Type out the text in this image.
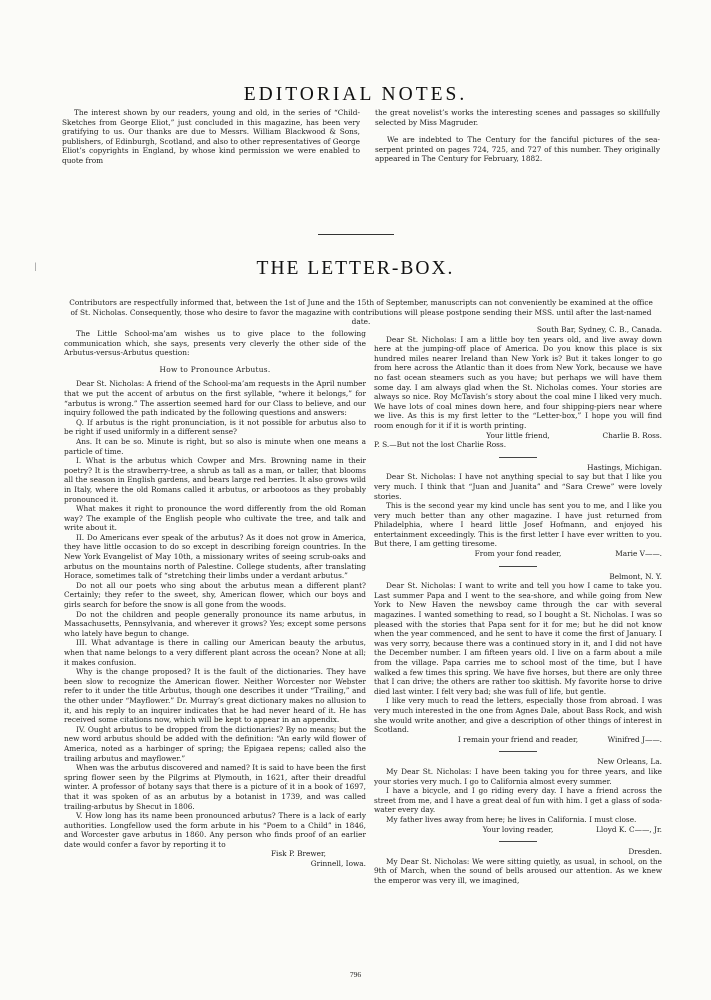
EDITORIAL NOTES.

The interest shown by our readers, young and old, in the series of “Child-Sketches from George Eliot,” just concluded in this magazine, has been very gratifying to us. Our thanks are due to Messrs. William Blackwood & Sons, publishers, of Edinburgh, Scotland, and also to other representatives of George Eliot’s copyrights in England, by whose kind permission we were enabled to quote from

the great novelist’s works the interesting scenes and passages so skillfully selected by Miss Magruder.

We are indebted to The Century for the fanciful pictures of the sea-serpent printed on pages 724, 725, and 727 of this number. They originally appeared in The Century for February, 1882.

THE LETTER-BOX.
Contributors are respectfully informed that, between the 1st of June and the 15th of September, manuscripts can not conveniently be examined at the office of St. Nicholas. Consequently, those who desire to favor the magazine with contributions will please postpone sending their MSS. until after the last-named date.

The Little School-ma’am wishes us to give place to the following communication which, she says, presents very cleverly the other side of the Arbutus-versus-Arbutus question:

How to Pronounce Arbutus.

Dear St. Nicholas: A friend of the School-ma’am requests in the April number that we put the accent of arbutus on the first syllable, “where it belongs,” for “arbutus is wrong.” The assertion seemed hard for our Class to believe, and our inquiry followed the path indicated by the following questions and answers:

Q. If arbutus is the right pronunciation, is it not possible for arbutus also to be right if used uniformly in a different sense?

Ans. It can be so. Minute is right, but so also is minute when one means a particle of time.

I. What is the arbutus which Cowper and Mrs. Browning name in their poetry? It is the strawberry-tree, a shrub as tall as a man, or taller, that blooms all the season in English gardens, and bears large red berries. It also grows wild in Italy, where the old Romans called it arbutus, or arbootoos as they probably pronounced it.

What makes it right to pronounce the word differently from the old Roman way? The example of the English people who cultivate the tree, and talk and write about it.

II. Do Americans ever speak of the arbutus? As it does not grow in America, they have little occasion to do so except in describing foreign countries. In the New York Evangelist of May 10th, a missionary writes of seeing scrub-oaks and arbutus on the mountains north of Palestine. College students, after translating Horace, sometimes talk of “stretching their limbs under a verdant arbutus.”

Do not all our poets who sing about the arbutus mean a different plant? Certainly; they refer to the sweet, shy, American flower, which our boys and girls search for before the snow is all gone from the woods.

Do not the children and people generally pronounce its name arbutus, in Massachusetts, Pennsylvania, and wherever it grows? Yes; except some persons who lately have begun to change.

III. What advantage is there in calling our American beauty the arbutus, when that name belongs to a very different plant across the ocean? None at all; it makes confusion.

Why is the change proposed? It is the fault of the dictionaries. They have been slow to recognize the American flower. Neither Worcester nor Webster refer to it under the title Arbutus, though one describes it under “Trailing,” and the other under “Mayflower.” Dr. Murray’s great dictionary makes no allusion to it, and his reply to an inquirer indicates that he had never heard of it. He has received some citations now, which will be kept to appear in an appendix.

IV. Ought arbutus to be dropped from the dictionaries? By no means; but the new word arbutus should be added with the definition: “An early wild flower of America, noted as a harbinger of spring; the Epigaea repens; called also the trailing arbutus and mayflower.”

When was the arbutus discovered and named? It is said to have been the first spring flower seen by the Pilgrims at Plymouth, in 1621, after their dreadful winter. A professor of botany says that there is a picture of it in a book of 1697, that it was spoken of as an arbutus by a botanist in 1739, and was called trailing-arbutus by Shecut in 1806.

V. How long has its name been pronounced arbutus? There is a lack of early authorities. Longfellow used the form arbute in his “Poem to a Child” in 1846, and Worcester gave arbutus in 1860. Any person who finds proof of an earlier date would confer a favor by reporting it to

Fisk P. Brewer,

Grinnell, Iowa.

South Bar, Sydney, C. B., Canada.

Dear St. Nicholas: I am a little boy ten years old, and live away down here at the jumping-off place of America. Do you know this place is six hundred miles nearer Ireland than New York is? But it takes longer to go from here across the Atlantic than it does from New York, because we have no fast ocean steamers such as you have; but perhaps we will have them some day. I am always glad when the St. Nicholas comes. Your stories are always so nice. Roy McTavish’s story about the coal mine I liked very much. We have lots of coal mines down here, and four shipping-piers near where we live. As this is my first letter to the “Letter-box,” I hope you will find room enough for it if it is worth printing.

Your little friend,	Charlie B. Ross.

P. S.—But not the lost Charlie Ross.

Hastings, Michigan.

Dear St. Nicholas: I have not anything special to say but that I like you very much. I think that “Juan and Juanita” and “Sara Crewe” were lovely stories.

This is the second year my kind uncle has sent you to me, and I like you very much better than any other magazine. I have just returned from Philadelphia, where I heard little Josef Hofmann, and enjoyed his entertainment exceedingly. This is the first letter I have ever written to you. But there, I am getting tiresome.

From your fond reader,	Marie V——.

Belmont, N. Y.

Dear St. Nicholas: I want to write and tell you how I came to take you. Last summer Papa and I went to the sea-shore, and while going from New York to New Haven the newsboy came through the car with several magazines. I wanted something to read, so I bought a St. Nicholas. I was so pleased with the stories that Papa sent for it for me; but he did not know when the year commenced, and he sent to have it come the first of January. I was very sorry, because there was a continued story in it, and I did not have the December number. I am fifteen years old. I live on a farm about a mile from the village. Papa carries me to school most of the time, but I have walked a few times this spring. We have five horses, but there are only three that I can drive; the others are rather too skittish. My favorite horse to drive died last winter. I felt very bad; she was full of life, but gentle.

I like very much to read the letters, especially those from abroad. I was very much interested in the one from Agnes Dale, about Bass Rock, and wish she would write another, and give a description of other things of interest in Scotland.

I remain your friend and reader,	Winifred J——.

New Orleans, La.

My Dear St. Nicholas: I have been taking you for three years, and like your stories very much. I go to California almost every summer.

I have a bicycle, and I go riding every day. I have a friend across the street from me, and I have a great deal of fun with him. I get a glass of soda-water every day.

My father lives away from here; he lives in California. I must close.

Your loving reader,	Lloyd K. C——, Jr.

Dresden.

My Dear St. Nicholas: We were sitting quietly, as usual, in school, on the 9th of March, when the sound of bells aroused our attention. As we knew the emperor was very ill, we imagined,

796
|
